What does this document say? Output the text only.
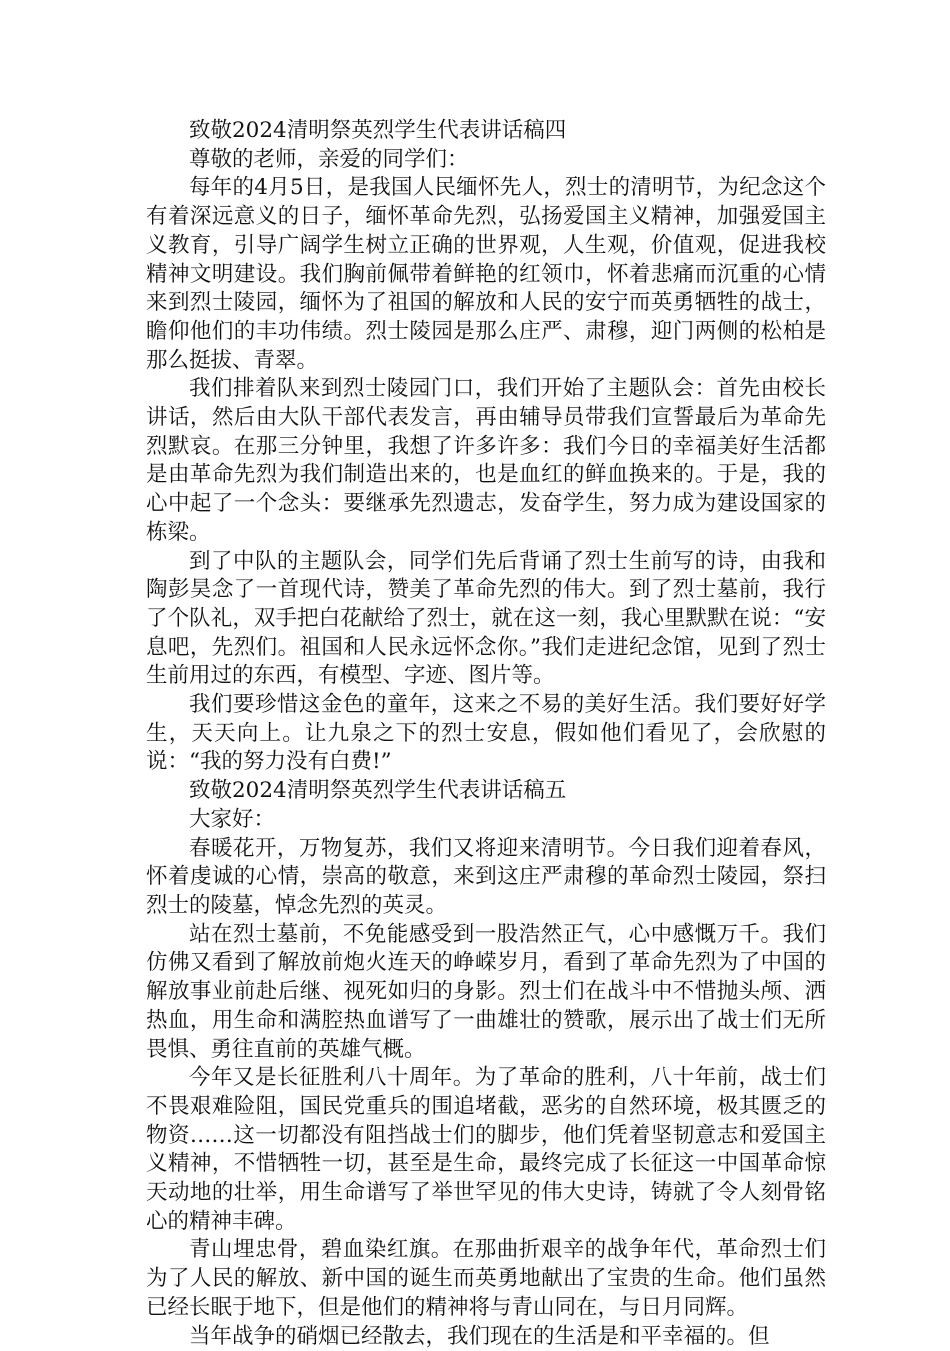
致敬2024清明祭英烈学生代表讲话稿四

尊敬的老师，亲爱的同学们：

每年的4月5日，是我国人民缅怀先人，烈士的清明节，为纪念这个有着深远意义的日子，缅怀革命先烈，弘扬爱国主义精神，加强爱国主义教育，引导广阔学生树立正确的世界观，人生观，价值观，促进我校精神文明建设。我们胸前佩带着鲜艳的红领巾，怀着悲痛而沉重的心情来到烈士陵园，缅怀为了祖国的解放和人民的安宁而英勇牺牲的战士，瞻仰他们的丰功伟绩。烈士陵园是那么庄严、肃穆，迎门两侧的松柏是那么挺拔、青翠。

我们排着队来到烈士陵园门口，我们开始了主题队会：首先由校长讲话，然后由大队干部代表发言，再由辅导员带我们宣誓最后为革命先烈默哀。在那三分钟里，我想了许多许多：我们今日的幸福美好生活都是由革命先烈为我们制造出来的，也是血红的鲜血换来的。于是，我的心中起了一个念头：要继承先烈遗志，发奋学生，努力成为建设国家的栋梁。

到了中队的主题队会，同学们先后背诵了烈士生前写的诗，由我和陶彭昊念了一首现代诗，赞美了革命先烈的伟大。到了烈士墓前，我行了个队礼，双手把白花献给了烈士，就在这一刻，我心里默默在说：“安息吧，先烈们。祖国和人民永远怀念你。”我们走进纪念馆，见到了烈士生前用过的东西，有模型、字迹、图片等。

我们要珍惜这金色的童年，这来之不易的美好生活。我们要好好学生，天天向上。让九泉之下的烈士安息，假如他们看见了，会欣慰的说：“我的努力没有白费!”

致敬2024清明祭英烈学生代表讲话稿五

大家好：

春暖花开，万物复苏，我们又将迎来清明节。今日我们迎着春风，怀着虔诚的心情，崇高的敬意，来到这庄严肃穆的革命烈士陵园，祭扫烈士的陵墓，悼念先烈的英灵。

站在烈士墓前，不免能感受到一股浩然正气，心中感慨万千。我们仿佛又看到了解放前炮火连天的峥嵘岁月，看到了革命先烈为了中国的解放事业前赴后继、视死如归的身影。烈士们在战斗中不惜抛头颅、洒热血，用生命和满腔热血谱写了一曲雄壮的赞歌，展示出了战士们无所畏惧、勇往直前的英雄气概。

今年又是长征胜利八十周年。为了革命的胜利，八十年前，战士们不畏艰难险阻，国民党重兵的围追堵截，恶劣的自然环境，极其匮乏的物资……这一切都没有阻挡战士们的脚步，他们凭着坚韧意志和爱国主义精神，不惜牺牲一切，甚至是生命，最终完成了长征这一中国革命惊天动地的壮举，用生命谱写了举世罕见的伟大史诗，铸就了令人刻骨铭心的精神丰碑。

青山埋忠骨，碧血染红旗。在那曲折艰辛的战争年代，革命烈士们为了人民的解放、新中国的诞生而英勇地献出了宝贵的生命。他们虽然已经长眠于地下，但是他们的精神将与青山同在，与日月同辉。

当年战争的硝烟已经散去，我们现在的生活是和平幸福的。但
